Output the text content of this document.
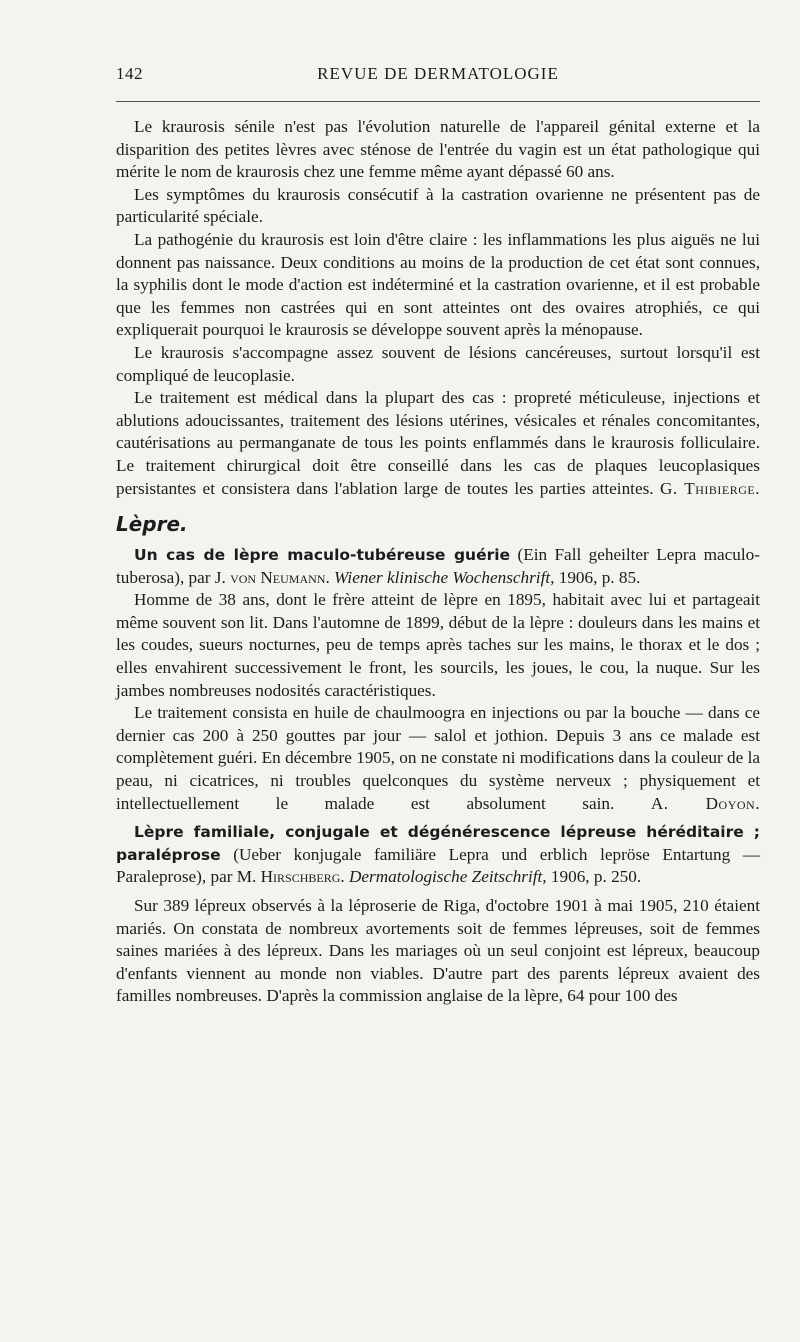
142	REVUE DE DERMATOLOGIE

Le kraurosis sénile n'est pas l'évolution naturelle de l'appareil génital externe et la disparition des petites lèvres avec sténose de l'entrée du vagin est un état pathologique qui mérite le nom de kraurosis chez une femme même ayant dépassé 60 ans.

Les symptômes du kraurosis consécutif à la castration ovarienne ne présentent pas de particularité spéciale.

La pathogénie du kraurosis est loin d'être claire : les inflammations les plus aiguës ne lui donnent pas naissance. Deux conditions au moins de la production de cet état sont connues, la syphilis dont le mode d'action est indéterminé et la castration ovarienne, et il est probable que les femmes non castrées qui en sont atteintes ont des ovaires atrophiés, ce qui expliquerait pourquoi le kraurosis se développe souvent après la ménopause.

Le kraurosis s'accompagne assez souvent de lésions cancéreuses, surtout lorsqu'il est compliqué de leucoplasie.

Le traitement est médical dans la plupart des cas : propreté méticuleuse, injections et ablutions adoucissantes, traitement des lésions utérines, vésicales et rénales concomitantes, cautérisations au permanganate de tous les points enflammés dans le kraurosis folliculaire. Le traitement chirurgical doit être conseillé dans les cas de plaques leucoplasiques persistantes et consistera dans l'ablation large de toutes les parties atteintes. G. Thibierge.

Lèpre.

Un cas de lèpre maculo-tubéreuse guérie (Ein Fall geheilter Lepra maculo-tuberosa), par J. von Neumann. Wiener klinische Wochenschrift, 1906, p. 85.

Homme de 38 ans, dont le frère atteint de lèpre en 1895, habitait avec lui et partageait même souvent son lit. Dans l'automne de 1899, début de la lèpre : douleurs dans les mains et les coudes, sueurs nocturnes, peu de temps après taches sur les mains, le thorax et le dos ; elles envahirent successivement le front, les sourcils, les joues, le cou, la nuque. Sur les jambes nombreuses nodosités caractéristiques.

Le traitement consista en huile de chaulmoogra en injections ou par la bouche — dans ce dernier cas 200 à 250 gouttes par jour — salol et jothion. Depuis 3 ans ce malade est complètement guéri. En décembre 1905, on ne constate ni modifications dans la couleur de la peau, ni cicatrices, ni troubles quelconques du système nerveux ; physiquement et intellectuellement le malade est absolument sain. A. Doyon.

Lèpre familiale, conjugale et dégénérescence lépreuse héréditaire ; paraléprose (Ueber konjugale familiäre Lepra und erblich lepröse Entartung — Paraleprose), par M. Hirschberg. Dermatologische Zeitschrift, 1906, p. 250.

Sur 389 lépreux observés à la léproserie de Riga, d'octobre 1901 à mai 1905, 210 étaient mariés. On constata de nombreux avortements soit de femmes lépreuses, soit de femmes saines mariées à des lépreux. Dans les mariages où un seul conjoint est lépreux, beaucoup d'enfants viennent au monde non viables. D'autre part des parents lépreux avaient des familles nombreuses. D'après la commission anglaise de la lèpre, 64 pour 100 des
